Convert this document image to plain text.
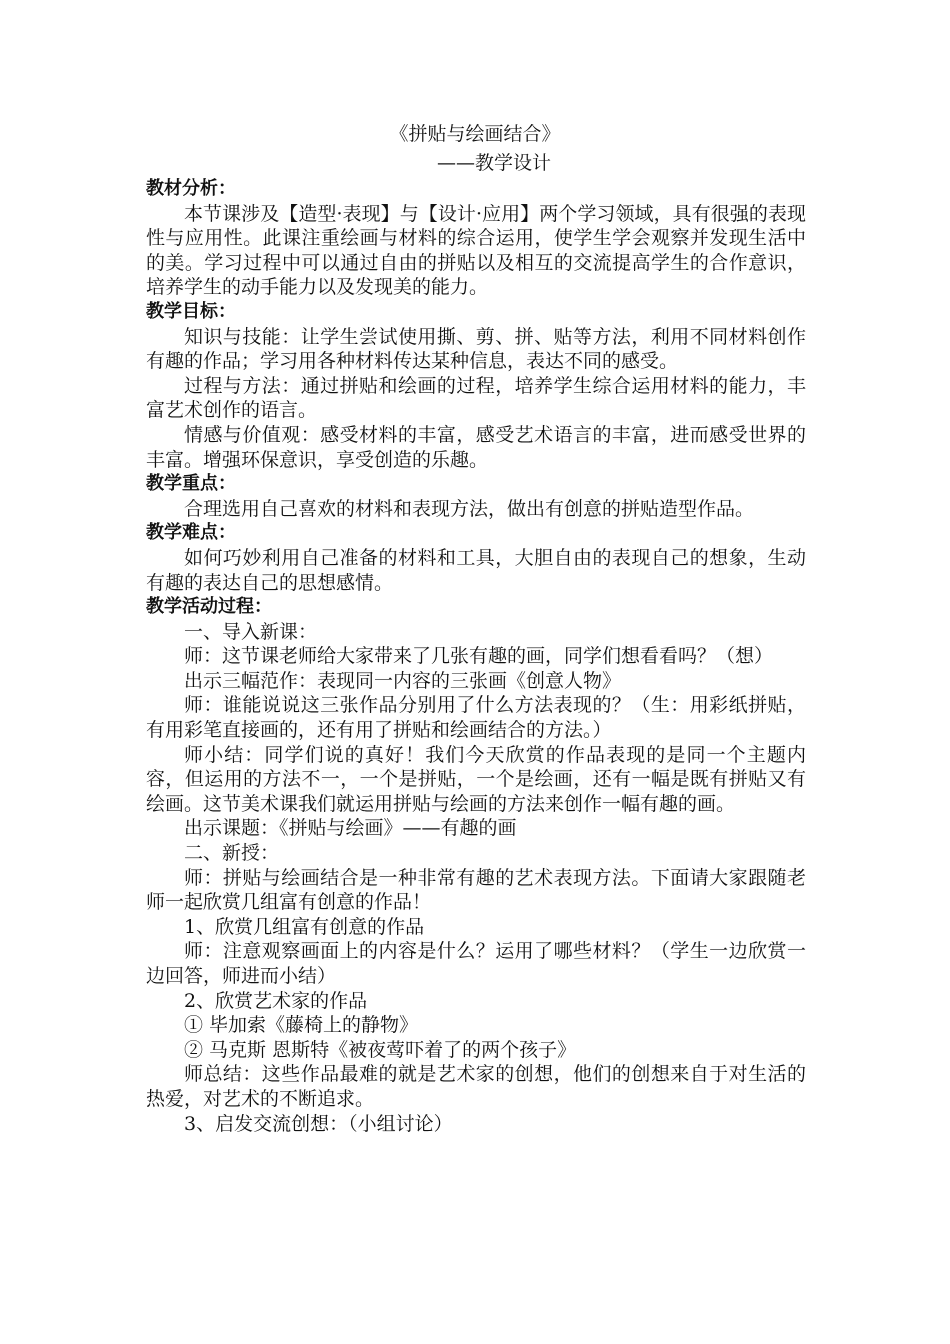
《拼贴与绘画结合》
——教学设计
教材分析：
本节课涉及【造型·表现】与【设计·应用】两个学习领域，具有很强的表现性与应用性。此课注重绘画与材料的综合运用，使学生学会观察并发现生活中的美。学习过程中可以通过自由的拼贴以及相互的交流提高学生的合作意识，培养学生的动手能力以及发现美的能力。
教学目标：
知识与技能：让学生尝试使用撕、剪、拼、贴等方法，利用不同材料创作有趣的作品；学习用各种材料传达某种信息，表达不同的感受。
过程与方法：通过拼贴和绘画的过程，培养学生综合运用材料的能力，丰富艺术创作的语言。
情感与价值观：感受材料的丰富，感受艺术语言的丰富，进而感受世界的丰富。增强环保意识，享受创造的乐趣。
教学重点：
合理选用自己喜欢的材料和表现方法，做出有创意的拼贴造型作品。
教学难点：
如何巧妙利用自己准备的材料和工具，大胆自由的表现自己的想象，生动有趣的表达自己的思想感情。
教学活动过程：
一、导入新课：
师：这节课老师给大家带来了几张有趣的画，同学们想看看吗？（想）
出示三幅范作：表现同一内容的三张画《创意人物》
师：谁能说说这三张作品分别用了什么方法表现的？（生：用彩纸拼贴，有用彩笔直接画的，还有用了拼贴和绘画结合的方法。）
师小结：同学们说的真好！我们今天欣赏的作品表现的是同一个主题内容，但运用的方法不一，一个是拼贴，一个是绘画，还有一幅是既有拼贴又有绘画。这节美术课我们就运用拼贴与绘画的方法来创作一幅有趣的画。
出示课题：《拼贴与绘画》——有趣的画
二、新授：
师：拼贴与绘画结合是一种非常有趣的艺术表现方法。下面请大家跟随老师一起欣赏几组富有创意的作品！
1、欣赏几组富有创意的作品
师：注意观察画面上的内容是什么？运用了哪些材料？（学生一边欣赏一边回答，师进而小结）
2、欣赏艺术家的作品
① 毕加索《藤椅上的静物》
② 马克斯 恩斯特《被夜莺吓着了的两个孩子》
师总结：这些作品最难的就是艺术家的创想，他们的创想来自于对生活的热爱，对艺术的不断追求。
3、启发交流创想：（小组讨论）
